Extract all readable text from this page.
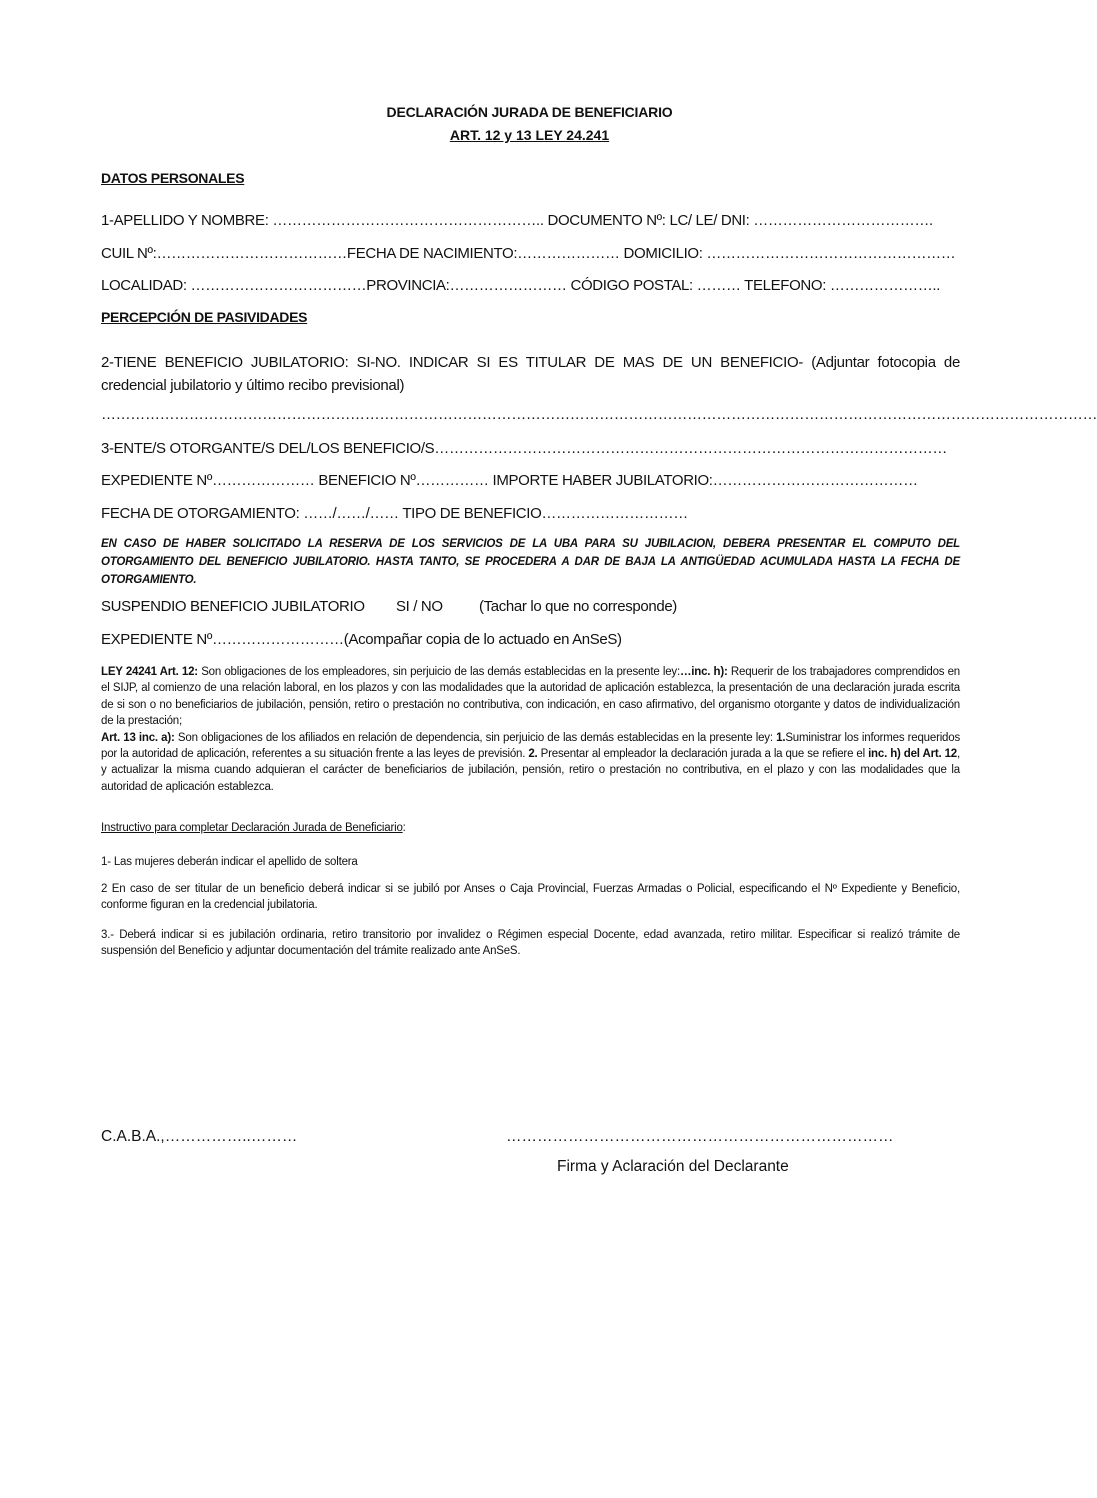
DECLARACIÓN JURADA DE BENEFICIARIO
ART. 12 y 13 LEY 24.241
DATOS PERSONALES
1-APELLIDO Y NOMBRE: ……………………………………………….. DOCUMENTO Nº: LC/ LE/ DNI: ……………………………….
CUIL Nº:…………………………………FECHA DE NACIMIENTO:………………… DOMICILIO: ……………………………………………
LOCALIDAD: ………………………………PROVINCIA:…………………… CÓDIGO POSTAL: ……… TELEFONO: …………………..
PERCEPCIÓN DE PASIVIDADES
2-TIENE BENEFICIO JUBILATORIO: SI-NO. INDICAR SI ES TITULAR DE MAS DE UN BENEFICIO- (Adjuntar fotocopia de credencial jubilatorio y último recibo previsional)
……………………………………………………………………………………………………………………………………………………………………………………
3-ENTE/S OTORGANTE/S DEL/LOS BENEFICIO/S……………………………………………………………………………………………
EXPEDIENTE Nº………………… BENEFICIO Nº…………… IMPORTE HABER JUBILATORIO:……………………………………
FECHA DE OTORGAMIENTO: ……/……/…… TIPO DE BENEFICIO…………………………
EN CASO DE HABER SOLICITADO LA RESERVA DE LOS SERVICIOS DE LA UBA PARA SU JUBILACION, DEBERA PRESENTAR EL COMPUTO DEL OTORGAMIENTO DEL BENEFICIO JUBILATORIO. HASTA TANTO, SE PROCEDERA A DAR DE BAJA LA ANTIGÜEDAD ACUMULADA HASTA LA FECHA DE OTORGAMIENTO.
SUSPENDIO BENEFICIO JUBILATORIO SI / NO (Tachar lo que no corresponde)
EXPEDIENTE Nº………………………(Acompañar copia de lo actuado en AnSeS)
LEY 24241 Art. 12: Son obligaciones de los empleadores, sin perjuicio de las demás establecidas en la presente ley:…inc. h): Requerir de los trabajadores comprendidos en el SIJP, al comienzo de una relación laboral, en los plazos y con las modalidades que la autoridad de aplicación establezca, la presentación de una declaración jurada escrita de si son o no beneficiarios de jubilación, pensión, retiro o prestación no contributiva, con indicación, en caso afirmativo, del organismo otorgante y datos de individualización de la prestación;
Art. 13 inc. a): Son obligaciones de los afiliados en relación de dependencia, sin perjuicio de las demás establecidas en la presente ley: 1.Suministrar los informes requeridos por la autoridad de aplicación, referentes a su situación frente a las leyes de previsión. 2. Presentar al empleador la declaración jurada a la que se refiere el inc. h) del Art. 12, y actualizar la misma cuando adquieran el carácter de beneficiarios de jubilación, pensión, retiro o prestación no contributiva, en el plazo y con las modalidades que la autoridad de aplicación establezca.
Instructivo para completar Declaración Jurada de Beneficiario:
1- Las mujeres deberán indicar el apellido de soltera
2 En caso de ser titular de un beneficio deberá indicar si se jubiló por Anses o Caja Provincial, Fuerzas Armadas o Policial, especificando el Nº Expediente y Beneficio, conforme figuran en la credencial jubilatoria.
3.- Deberá indicar si es jubilación ordinaria, retiro transitorio por invalidez o Régimen especial Docente, edad avanzada, retiro militar. Especificar si realizó trámite de suspensión del Beneficio y adjuntar documentación del trámite realizado ante AnSeS.
C.A.B.A.,……………..………	…………………………………………………………………
Firma y Aclaración del Declarante
